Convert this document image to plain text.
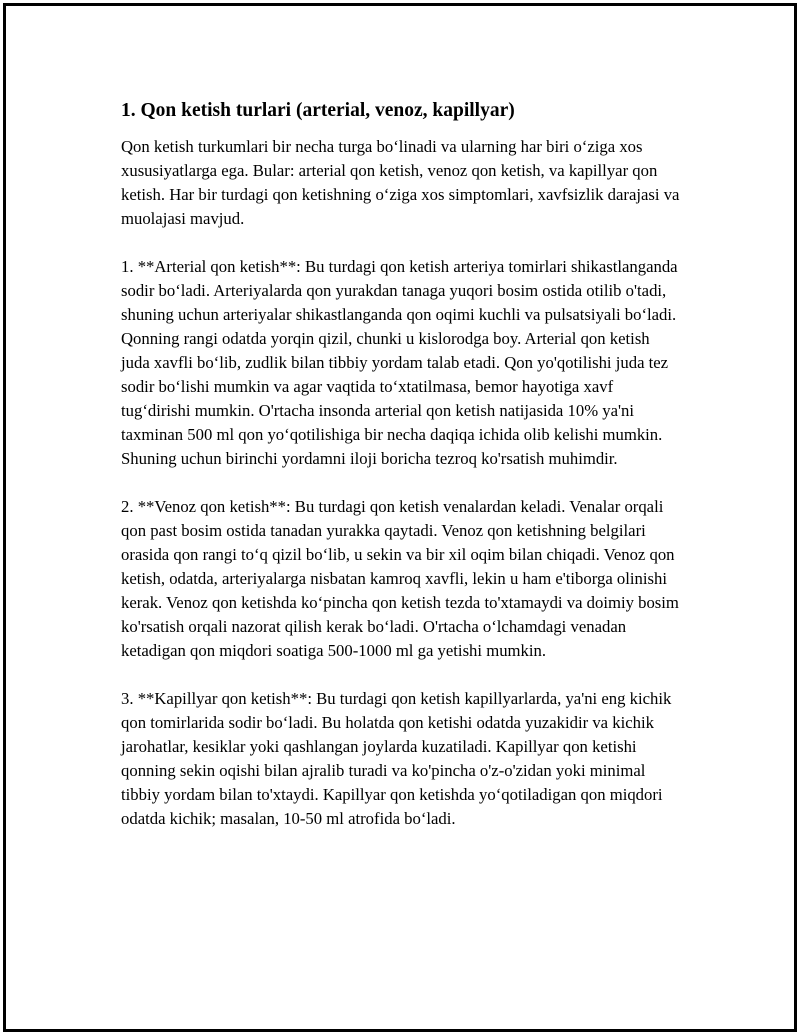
1. Qon ketish turlari (arterial, venoz, kapillyar)

Qon ketish turkumlari bir necha turga bo‘linadi va ularning har biri o‘ziga xos xususiyatlarga ega. Bular: arterial qon ketish, venoz qon ketish, va kapillyar qon ketish. Har bir turdagi qon ketishning o‘ziga xos simptomlari, xavfsizlik darajasi va muolajasi mavjud.

1. **Arterial qon ketish**: Bu turdagi qon ketish arteriya tomirlari shikastlanganda sodir bo‘ladi. Arteriyalarda qon yurakdan tanaga yuqori bosim ostida otilib o'tadi, shuning uchun arteriyalar shikastlanganda qon oqimi kuchli va pulsatsiyali bo‘ladi. Qonning rangi odatda yorqin qizil, chunki u kislorodga boy. Arterial qon ketish juda xavfli bo‘lib, zudlik bilan tibbiy yordam talab etadi. Qon yo'qotilishi juda tez sodir bo‘lishi mumkin va agar vaqtida to‘xtatilmasa, bemor hayotiga xavf tug‘dirishi mumkin. O'rtacha insonda arterial qon ketish natijasida 10% ya'ni taxminan 500 ml qon yo‘qotilishiga bir necha daqiqa ichida olib kelishi mumkin. Shuning uchun birinchi yordamni iloji boricha tezroq ko'rsatish muhimdir.

2. **Venoz qon ketish**: Bu turdagi qon ketish venalardan keladi. Venalar orqali qon past bosim ostida tanadan yurakka qaytadi. Venoz qon ketishning belgilari orasida qon rangi to‘q qizil bo‘lib, u sekin va bir xil oqim bilan chiqadi. Venoz qon ketish, odatda, arteriyalarga nisbatan kamroq xavfli, lekin u ham e'tiborga olinishi kerak. Venoz qon ketishda ko‘pincha qon ketish tezda to'xtamaydi va doimiy bosim ko'rsatish orqali nazorat qilish kerak bo‘ladi. O'rtacha o‘lchamdagi venadan ketadigan qon miqdori soatiga 500-1000 ml ga yetishi mumkin.

3. **Kapillyar qon ketish**: Bu turdagi qon ketish kapillyarlarda, ya'ni eng kichik qon tomirlarida sodir bo‘ladi. Bu holatda qon ketishi odatda yuzakidir va kichik jarohatlar, kesiklar yoki qashlangan joylarda kuzatiladi. Kapillyar qon ketishi qonning sekin oqishi bilan ajralib turadi va ko'pincha o'z-o'zidan yoki minimal tibbiy yordam bilan to'xtaydi. Kapillyar qon ketishda yo‘qotiladigan qon miqdori odatda kichik; masalan, 10-50 ml atrofida bo‘ladi.
